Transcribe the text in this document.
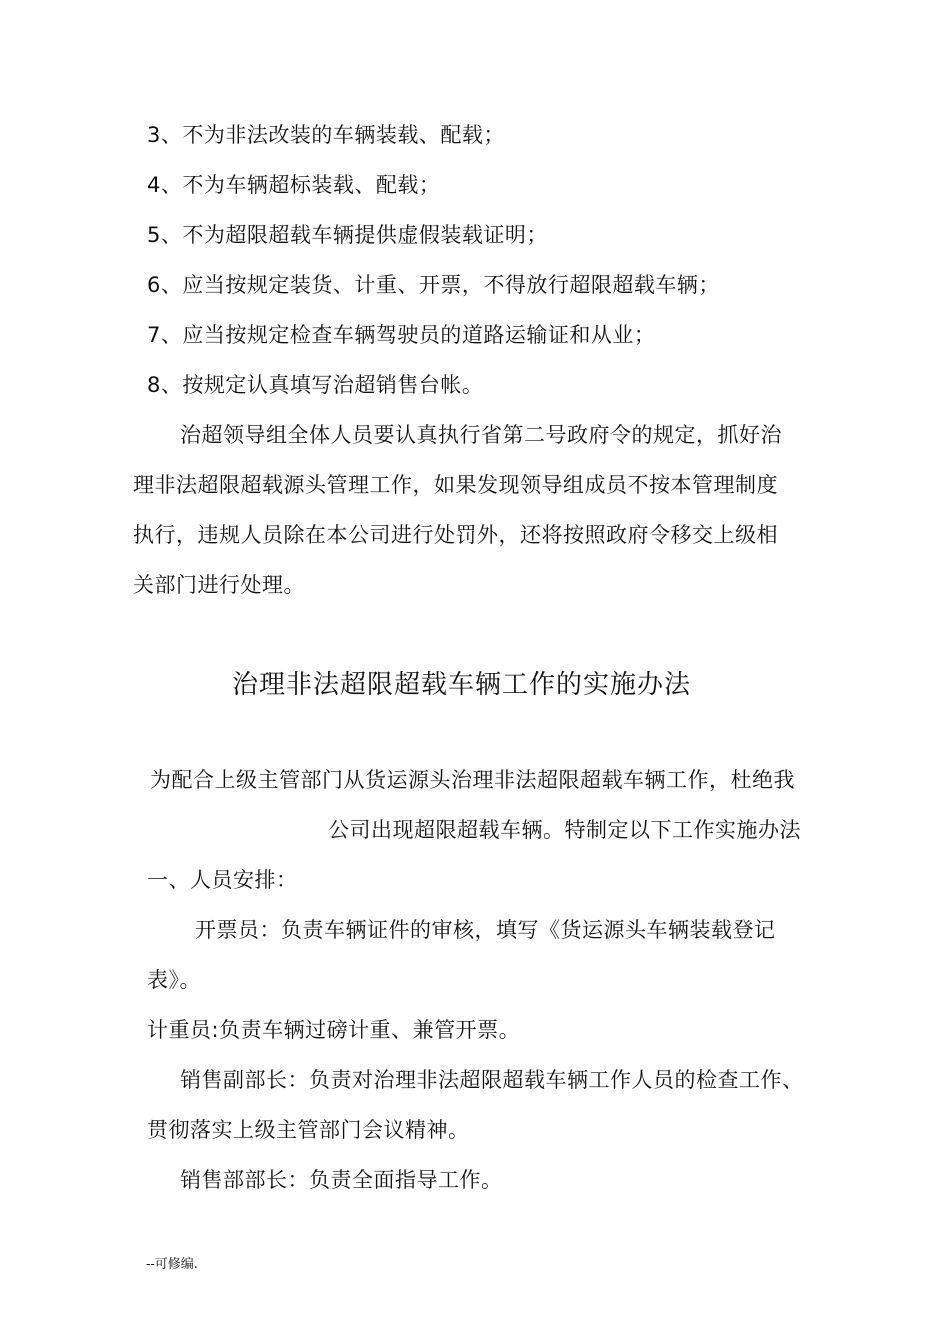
3、不为非法改装的车辆装载、配载；
4、不为车辆超标装载、配载；
5、不为超限超载车辆提供虚假装载证明；
6、应当按规定装货、计重、开票，不得放行超限超载车辆；
7、应当按规定检查车辆驾驶员的道路运输证和从业；
8、按规定认真填写治超销售台帐。
治超领导组全体人员要认真执行省第二号政府令的规定，抓好治
理非法超限超载源头管理工作，如果发现领导组成员不按本管理制度
执行，违规人员除在本公司进行处罚外，还将按照政府令移交上级相
关部门进行处理。
治理非法超限超载车辆工作的实施办法
为配合上级主管部门从货运源头治理非法超限超载车辆工作，杜绝我
公司出现超限超载车辆。特制定以下工作实施办法
一、人员安排：
开票员：负责车辆证件的审核，填写《货运源头车辆装载登记
表》。
计重员:负责车辆过磅计重、兼管开票。
销售副部长：负责对治理非法超限超载车辆工作人员的检查工作、
贯彻落实上级主管部门会议精神。
销售部部长：负责全面指导工作。
--可修编.
